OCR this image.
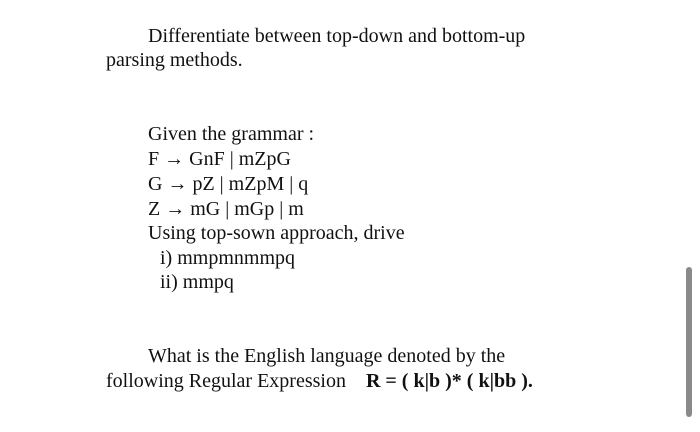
Differentiate between top-down and bottom-up
parsing methods.
Given the grammar :
F → GnF | mZpG
G → pZ | mZpM | q
Z → mG | mGp | m
Using top-sown approach, drive
i) mmpmnmmpq
ii) mmpq
What is the English language denoted by the
following Regular Expression R = ( k|b )* ( k|bb ).
